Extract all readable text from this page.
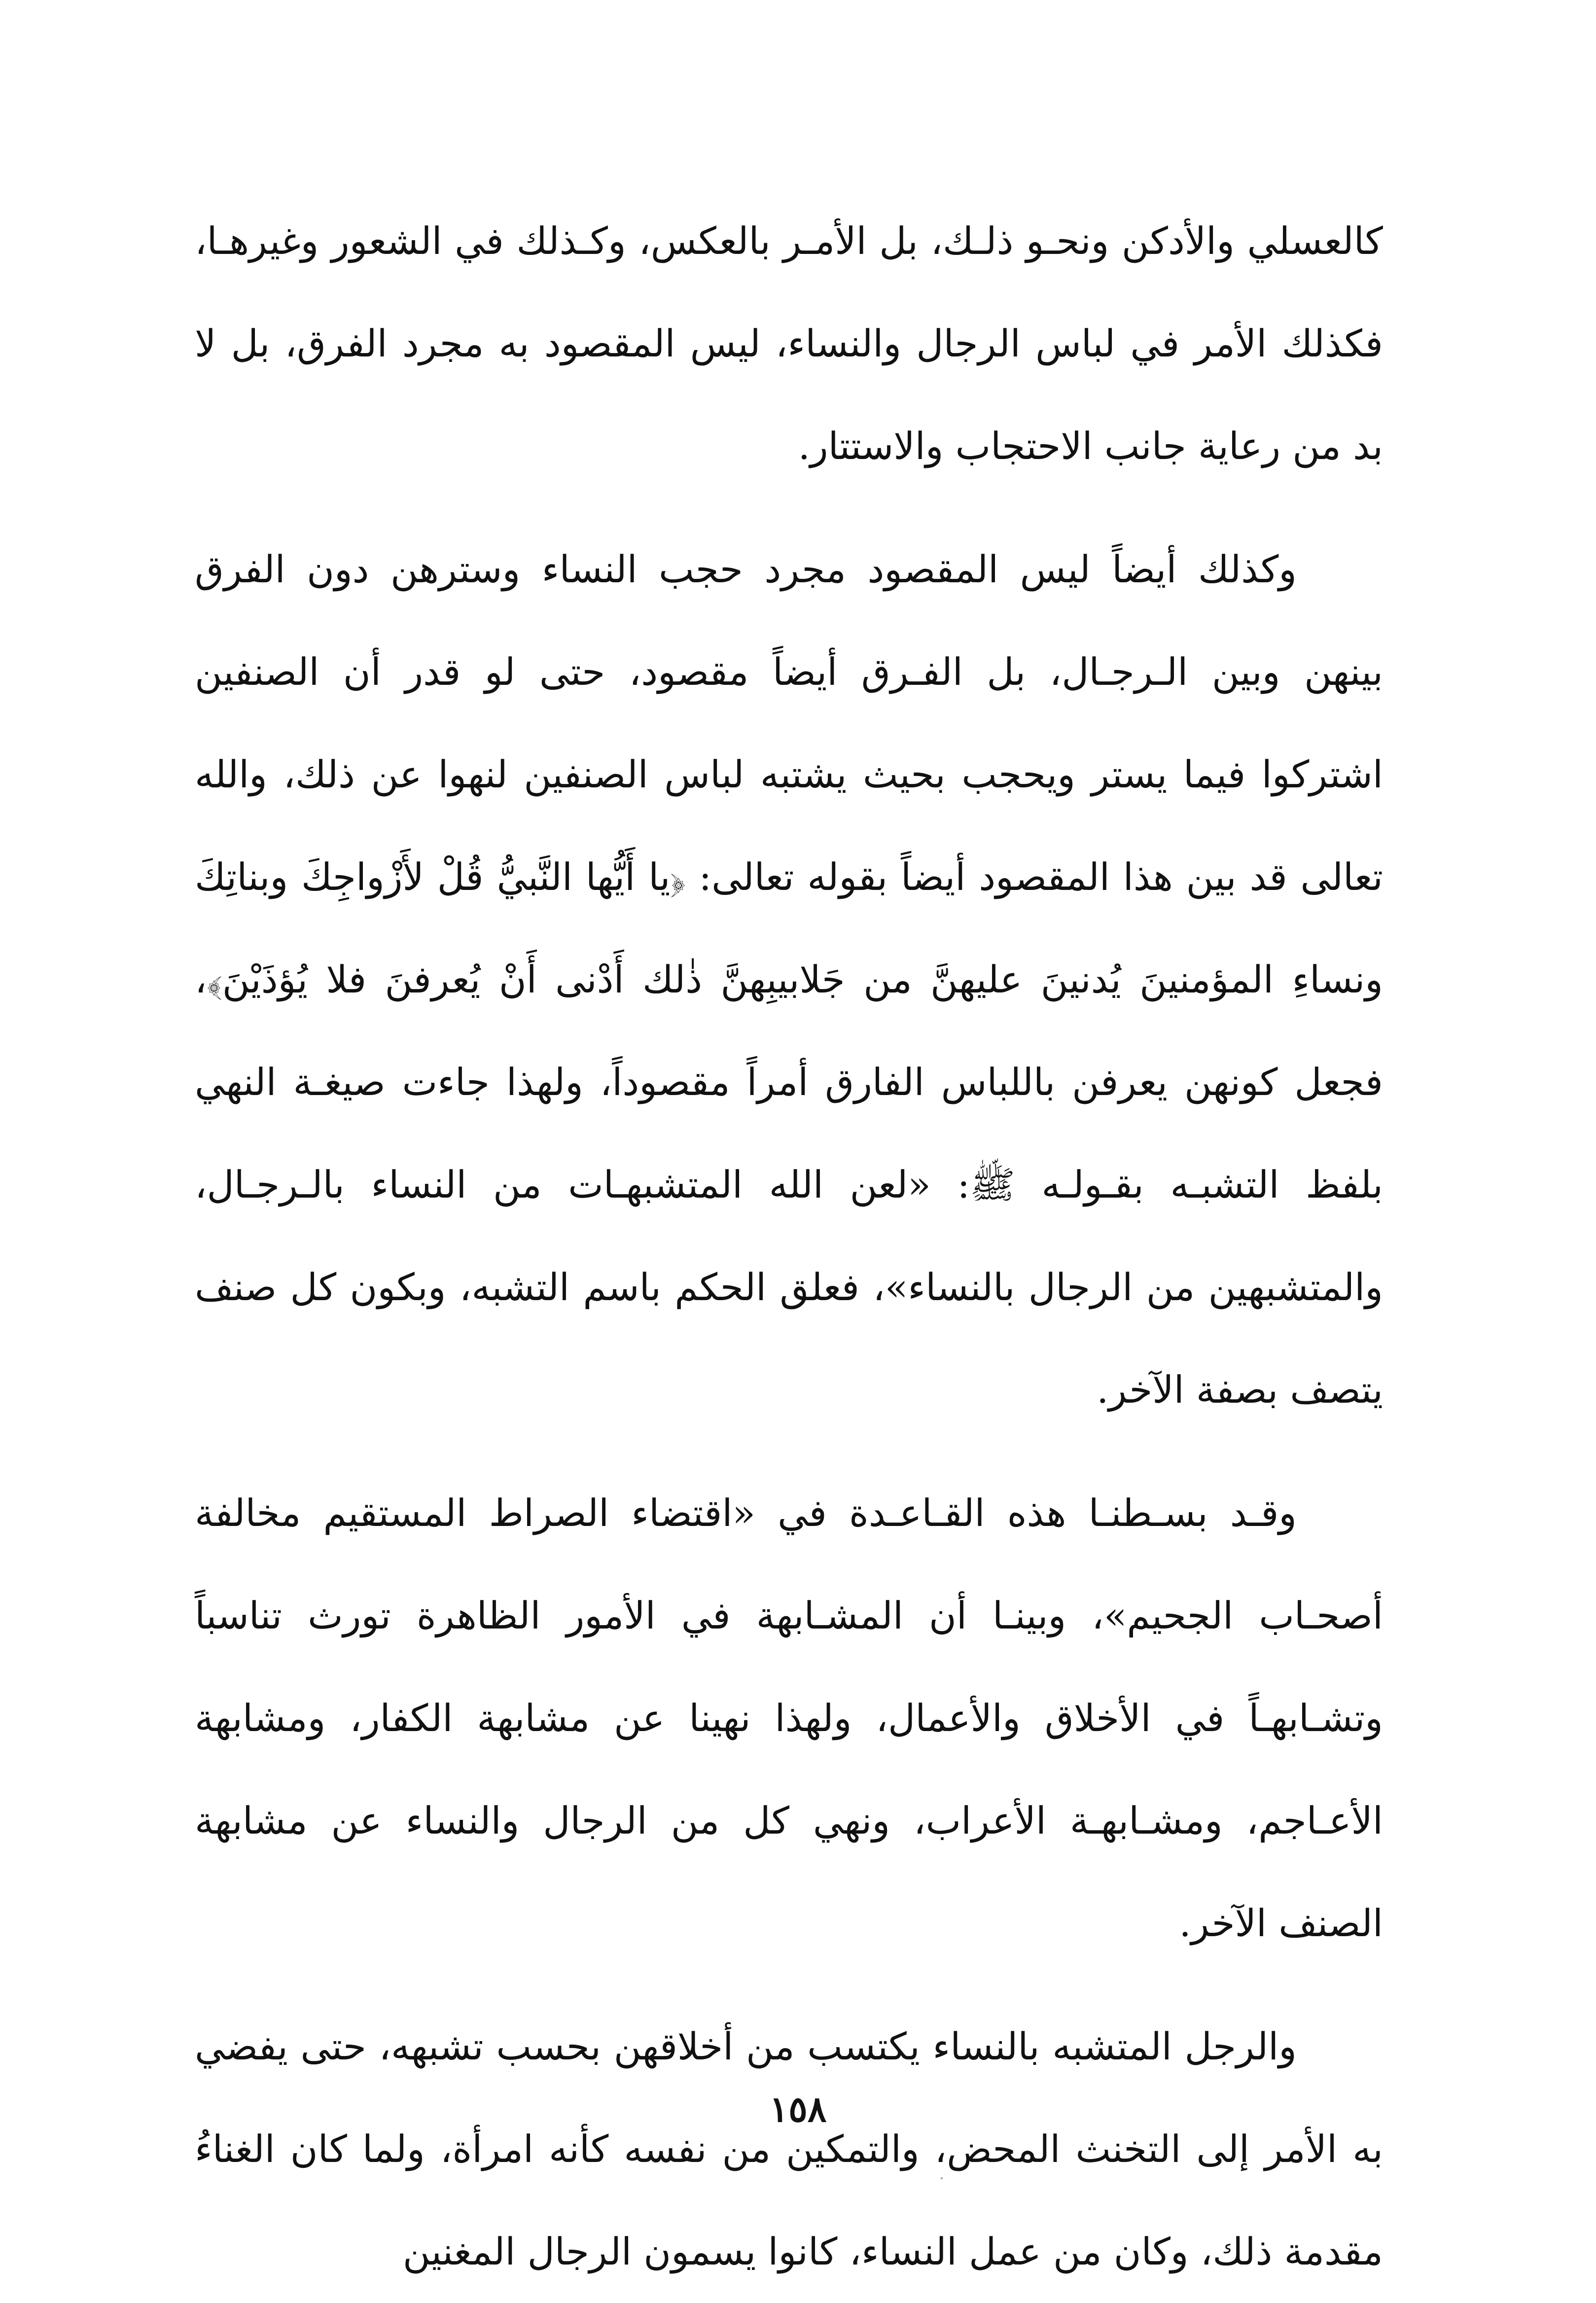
كالعسلي والأدكن ونحـو ذلـك، بل الأمـر بالعكس، وكـذلك في الشعور وغيرهـا، فكذلك الأمر في لباس الرجال والنساء، ليس المقصود به مجرد الفرق، بل لا بد من رعاية جانب الاحتجاب والاستتار.

وكذلك أيضاً ليس المقصود مجرد حجب النساء وسترهن دون الفرق بينهن وبين الـرجـال، بل الفـرق أيضاً مقصود، حتى لو قدر أن الصنفين اشتركوا فيما يستر ويحجب بحيث يشتبه لباس الصنفين لنهوا عن ذلك، والله تعالى قد بين هذا المقصود أيضاً بقوله تعالى: ﴿يا أَيُّها النَّبيُّ قُلْ لأَزْواجِكَ وبناتِكَ ونساءِ المؤمنينَ يُدنينَ عليهنَّ من جَلابيبِهنَّ ذٰلك أَدْنى أَنْ يُعرفنَ فلا يُؤذَيْنَ﴾، فجعل كونهن يعرفن باللباس الفارق أمراً مقصوداً، ولهذا جاءت صيغـة النهي بلفظ التشبـه بقـولـه ﷺ: «لعن الله المتشبهـات من النساء بالـرجـال، والمتشبهين من الرجال بالنساء»، فعلق الحكم باسم التشبه، وبكون كل صنف يتصف بصفة الآخر.

وقـد بسـطنـا هذه القـاعـدة في «اقتضاء الصراط المستقيم مخالفة أصحـاب الجحيم»، وبينـا أن المشـابهة في الأمور الظاهرة تورث تناسباً وتشـابهـاً في الأخلاق والأعمال، ولهذا نهينا عن مشابهة الكفار، ومشابهة الأعـاجم، ومشـابهـة الأعراب، ونهي كل من الرجال والنساء عن مشابهة الصنف الآخر.

والرجل المتشبه بالنساء يكتسب من أخلاقهن بحسب تشبهه، حتى يفضي به الأمر إلى التخنث المحض، والتمكين من نفسه كأنه امرأة، ولما كان الغناءُ مقدمة ذلك، وكان من عمل النساء، كانوا يسمون الرجال المغنين

١٥٨
